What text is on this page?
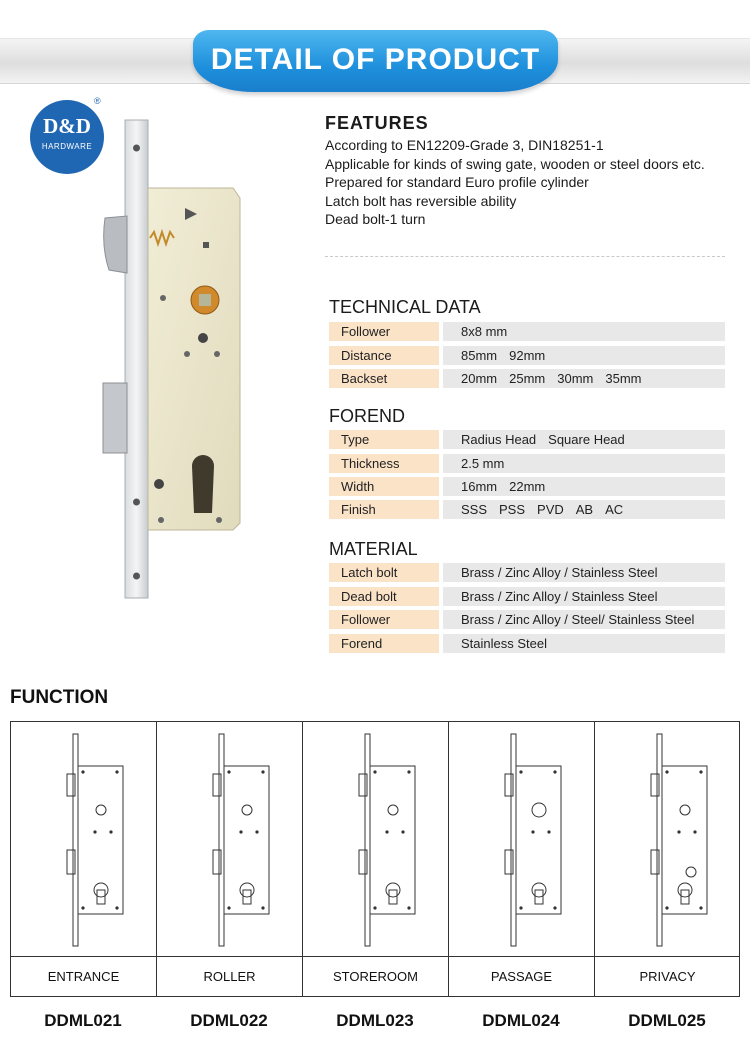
DETAIL OF PRODUCT
D&D
HARDWARE
®
FEATURES
According to EN12209-Grade 3, DIN18251-1
Applicable for kinds of swing gate, wooden or steel doors etc.
Prepared for standard Euro profile cylinder
Latch bolt has reversible ability
Dead bolt-1 turn
TECHNICAL DATA
Follower	8x8 mm
Distance	85mm 92mm
Backset	20mm 25mm 30mm 35mm
FOREND
Type	Radius Head Square Head
Thickness	2.5 mm
Width	16mm 22mm
Finish	SSS PSS PVD AB AC
MATERIAL
Latch bolt	Brass / Zinc Alloy / Stainless Steel
Dead bolt	Brass / Zinc Alloy / Stainless Steel
Follower	Brass / Zinc Alloy / Steel/ Stainless Steel
Forend	Stainless Steel
FUNCTION
ENTRANCE	ROLLER	STOREROOM	PASSAGE	PRIVACY
DDML021	DDML022	DDML023	DDML024	DDML025
